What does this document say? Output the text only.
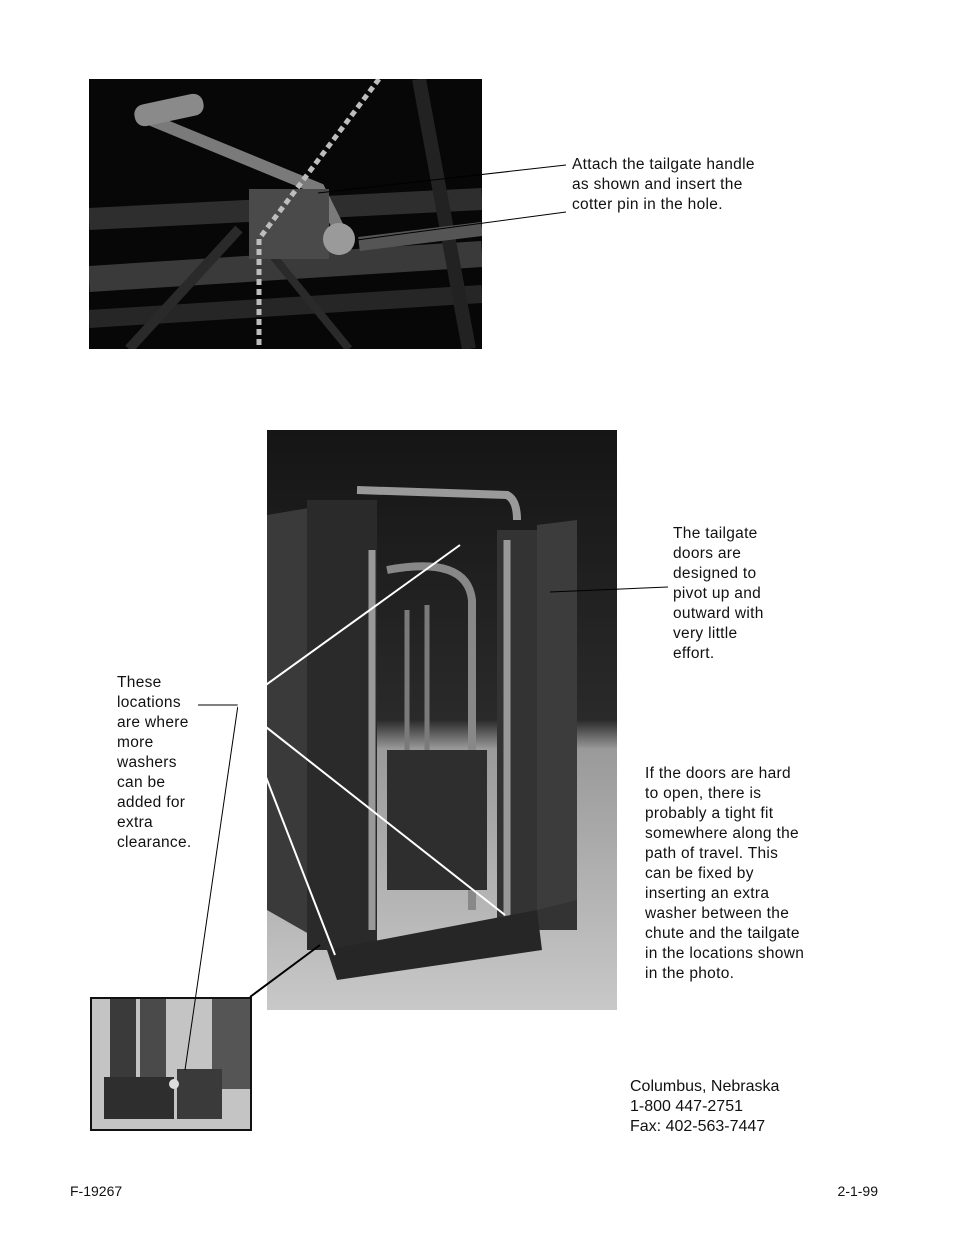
Attach the tailgate handle
as shown and insert the
cotter pin in the hole.
The tailgate
doors are
designed to
pivot up and
outward with
very little
effort.
These
locations
are where
more
washers
can be
added for
extra
clearance.
If the doors are hard
to open, there is
probably a tight fit
somewhere along the
path of travel. This
can be fixed by
inserting an extra
washer between the
chute and the tailgate
in the locations shown
in the photo.
Columbus, Nebraska
1-800 447-2751
Fax: 402-563-7447
F-19267	2-1-99
